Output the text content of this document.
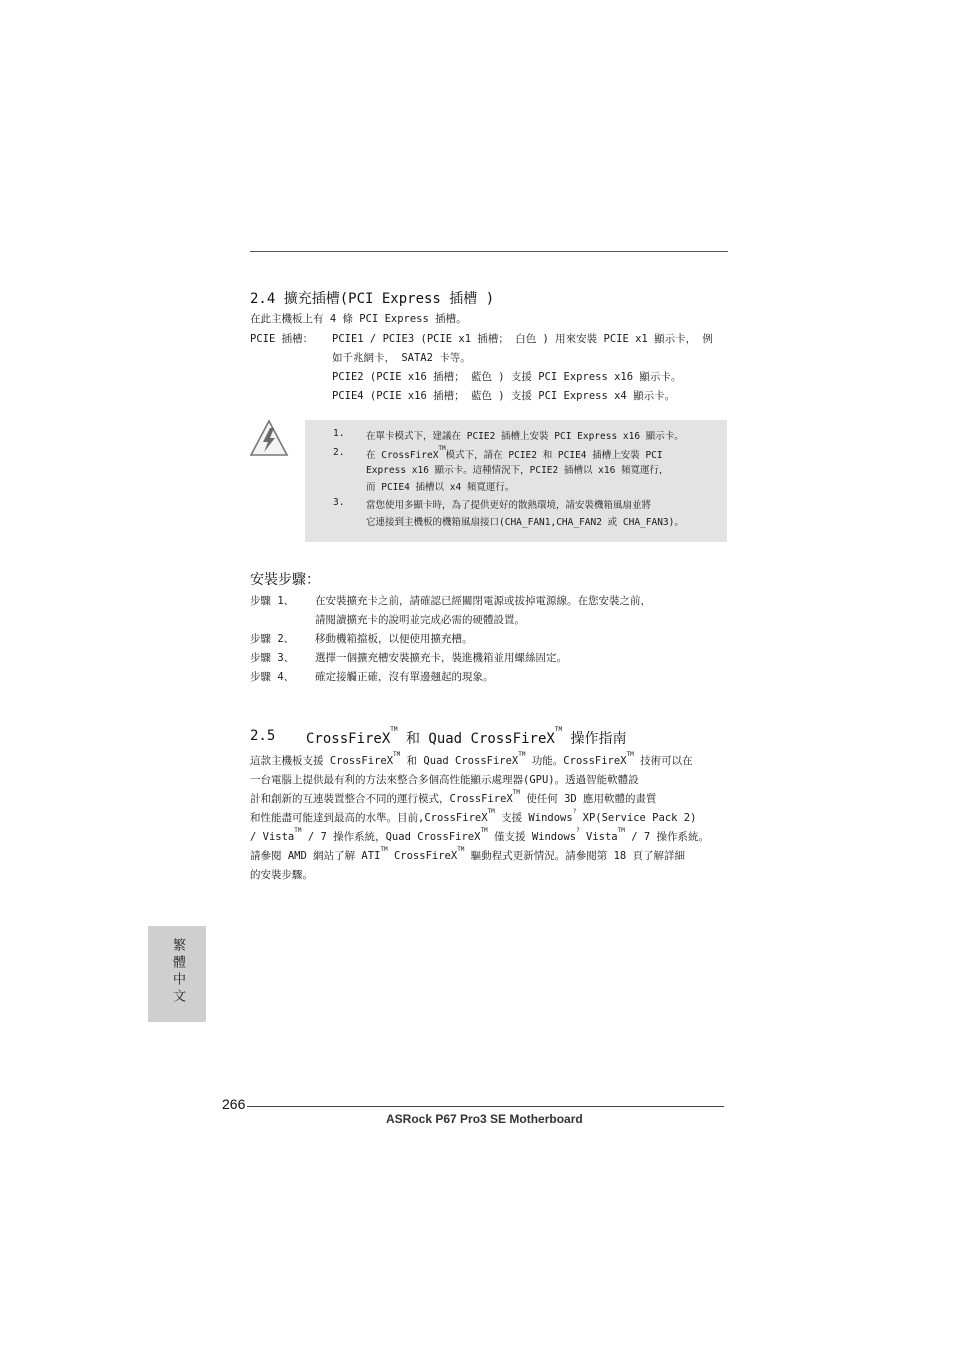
2.4 擴充插槽(PCI Express 插槽 )
在此主機板上有 4 條 PCI Express 插槽。
PCIE 插槽： PCIE1 / PCIE3 (PCIE x1 插槽； 白色 ) 用來安裝 PCIE x1 顯示卡， 例
如千兆網卡， SATA2 卡等。
PCIE2 (PCIE x16 插槽； 藍色 ) 支援 PCI Express x16 顯示卡。
PCIE4 (PCIE x16 插槽； 藍色 ) 支援 PCI Express x4 顯示卡。
1. 在單卡模式下，建議在 PCIE2 插槽上安裝 PCI Express x16 顯示卡。
2. 在 CrossFireX™模式下，請在 PCIE2 和 PCIE4 插槽上安裝 PCI
Express x16 顯示卡。這種情況下，PCIE2 插槽以 x16 頻寬運行，
而 PCIE4 插槽以 x4 頻寬運行。
3. 當您使用多顯卡時，為了提供更好的散熱環境，請安裝機箱風扇並將
它連接到主機板的機箱風扇接口(CHA_FAN1,CHA_FAN2 或 CHA_FAN3)。
安裝步驟：
步驟 1、 在安裝擴充卡之前，請確認已經關閉電源或拔掉電源線。在您安裝之前，
請閱讀擴充卡的說明並完成必需的硬體設置。
步驟 2、 移動機箱擋板，以便使用擴充槽。
步驟 3、 選擇一個擴充槽安裝擴充卡，裝進機箱並用螺絲固定。
步驟 4、 確定接觸正確，沒有單邊翹起的現象。
2.5 CrossFireX™ 和 Quad CrossFireX™ 操作指南
這款主機板支援 CrossFireX™ 和 Quad CrossFireX™ 功能。CrossFireX™ 技術可以在
一台電腦上提供最有利的方法來整合多個高性能顯示處理器(GPU)。透過智能軟體設
計和創新的互連裝置整合不同的運行模式，CrossFireX™ 使任何 3D 應用軟體的畫質
和性能盡可能達到最高的水準。目前,CrossFireX™ 支援 Windows? XP(Service Pack 2)
/ Vista™ / 7 操作系統，Quad CrossFireX™ 僅支援 Windows? Vista™ / 7 操作系統。
請參閱 AMD 網站了解 ATI™ CrossFireX™ 驅動程式更新情況。請參閱第 18 頁了解詳細
的安裝步驟。
繁體中文
266
ASRock P67 Pro3 SE Motherboard
